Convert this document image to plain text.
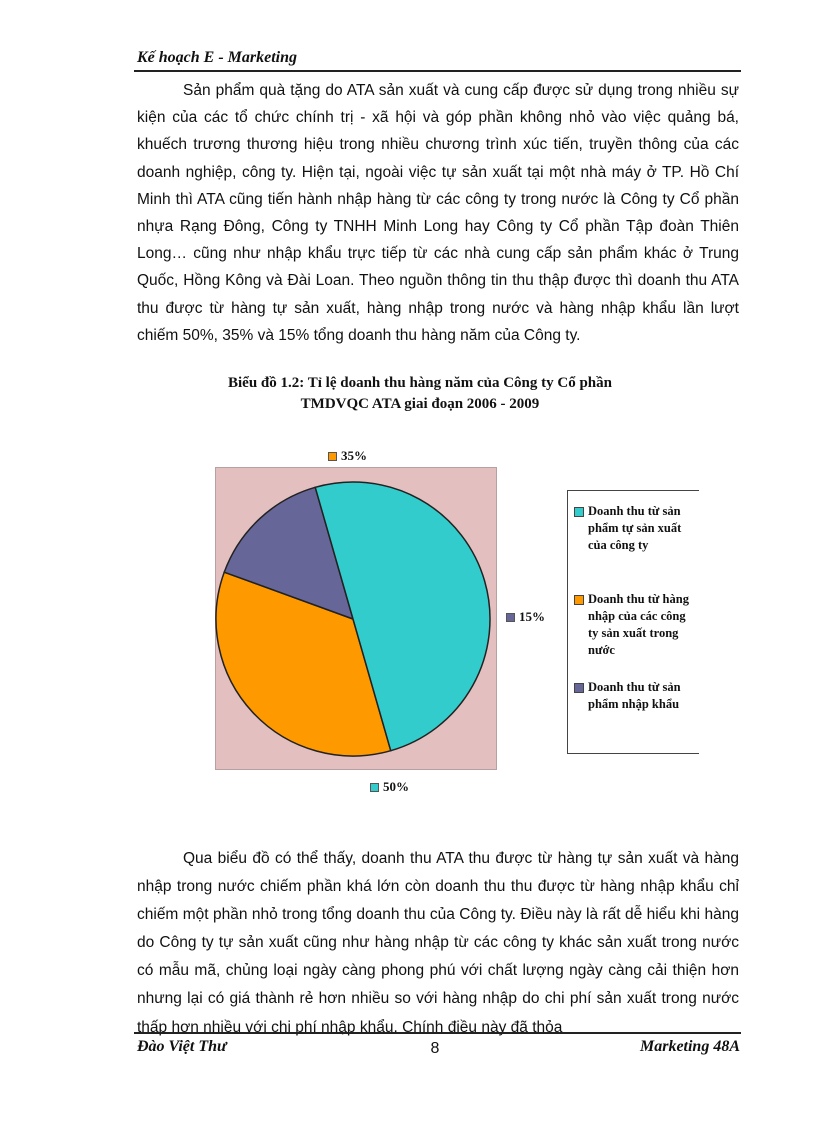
Kế hoạch E - Marketing

Sản phẩm quà tặng do ATA sản xuất và cung cấp được sử dụng trong nhiều sự kiện của các tổ chức chính trị - xã hội và góp phần không nhỏ vào việc quảng bá, khuếch trương thương hiệu trong nhiều chương trình xúc tiến, truyền thông của các doanh nghiệp, công ty. Hiện tại, ngoài việc tự sản xuất tại một nhà máy ở TP. Hồ Chí Minh thì ATA cũng tiến hành nhập hàng từ các công ty trong nước là Công ty Cổ phần nhựa Rạng Đông, Công ty TNHH Minh Long hay Công ty Cổ phần Tập đoàn Thiên Long… cũng như nhập khẩu trực tiếp từ các nhà cung cấp sản phẩm khác ở Trung Quốc, Hồng Kông và Đài Loan. Theo nguồn thông tin thu thập được thì doanh thu ATA thu được từ hàng tự sản xuất, hàng nhập trong nước và hàng nhập khẩu lần lượt chiếm 50%, 35% và 15% tổng doanh thu hàng năm của Công ty.

Biểu đồ 1.2: Tỉ lệ doanh thu hàng năm của Công ty Cổ phần
TMDVQC ATA giai đoạn 2006 - 2009
35%
15%
50%
Doanh thu từ sản phẩm tự sản xuất của công ty
Doanh thu từ hàng nhập của các công ty sản xuất trong nước
Doanh thu từ sản phẩm nhập khẩu

Qua biểu đồ có thể thấy, doanh thu ATA thu được từ hàng tự sản xuất và hàng nhập trong nước chiếm phần khá lớn còn doanh thu thu được từ hàng nhập khẩu chỉ chiếm một phần nhỏ trong tổng doanh thu của Công ty. Điều này là rất dễ hiểu khi hàng do Công ty tự sản xuất cũng như hàng nhập từ các công ty khác sản xuất trong nước có mẫu mã, chủng loại ngày càng phong phú với chất lượng ngày càng cải thiện hơn nhưng lại có giá thành rẻ hơn nhiều so với hàng nhập do chi phí sản xuất trong nước thấp hơn nhiều với chi phí nhập khẩu. Chính điều này đã thỏa

Đào Việt Thư	8	Marketing 48A
